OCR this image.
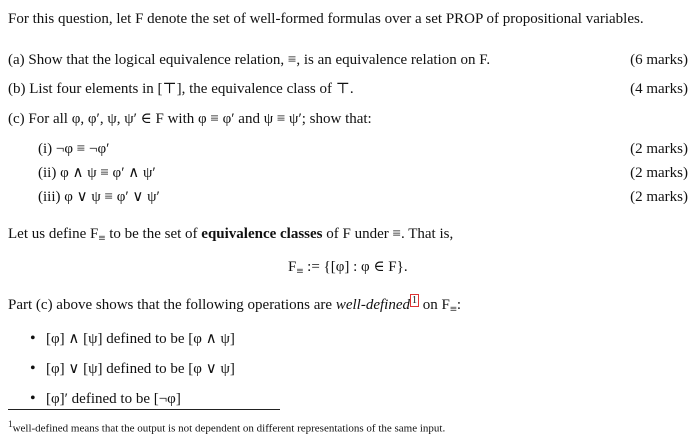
For this question, let F denote the set of well-formed formulas over a set PROP of propositional variables.
(a) Show that the logical equivalence relation, ≡, is an equivalence relation on F.	(6 marks)
(b) List four elements in [⊤], the equivalence class of ⊤.	(4 marks)
(c) For all φ, φ′, ψ, ψ′ ∈ F with φ ≡ φ′ and ψ ≡ ψ′; show that:
(i) ¬φ ≡ ¬φ′	(2 marks)
(ii) φ ∧ ψ ≡ φ′ ∧ ψ′	(2 marks)
(iii) φ ∨ ψ ≡ φ′ ∨ ψ′	(2 marks)
Let us define $F_\equiv$ to be the set of equivalence classes of F under ≡. That is,
$F_\equiv$ := {[φ] : φ ∈ F}.
Part (c) above shows that the following operations are well-defined 1 on $F_\equiv$:
• [φ] ∧ [ψ] defined to be [φ ∧ ψ]
• [φ] ∨ [ψ] defined to be [φ ∨ ψ]
• [φ]′ defined to be [¬φ]
$^1$well-defined means that the output is not dependent on different representations of the same input.
